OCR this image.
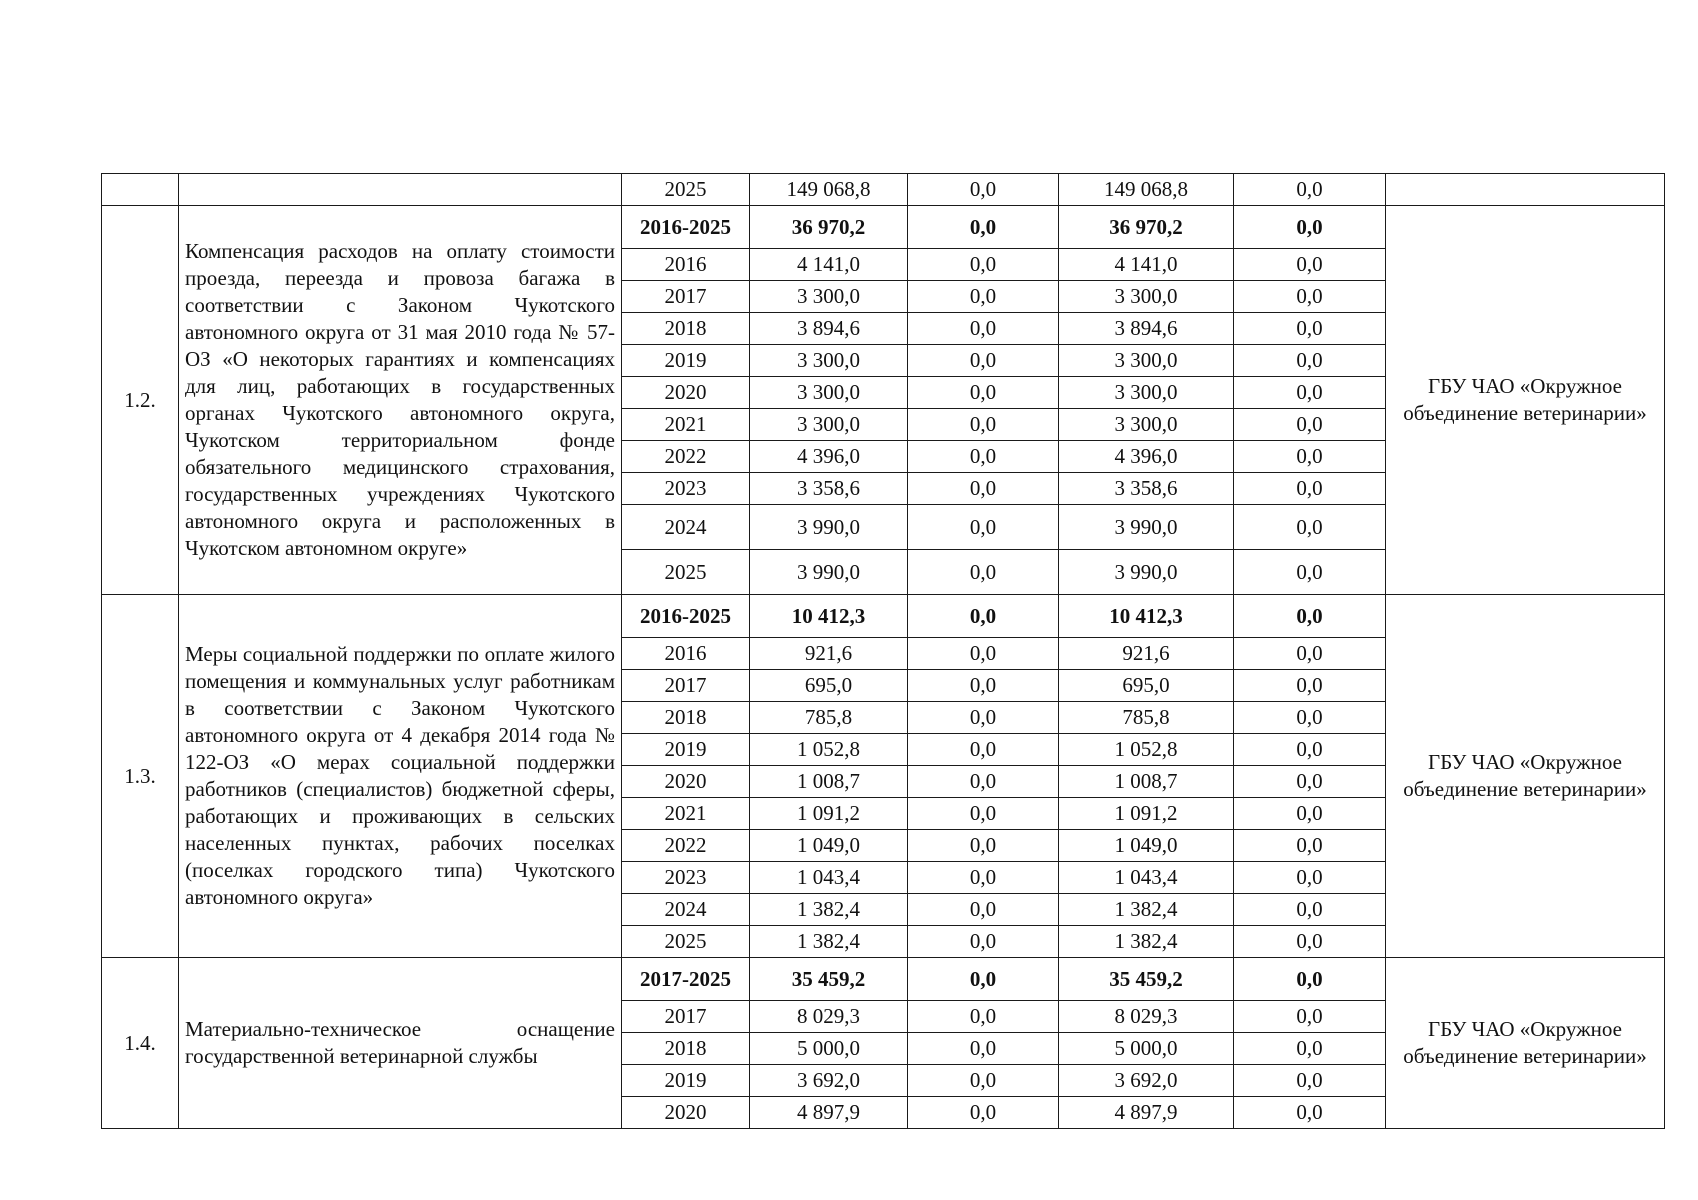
		2025	149 068,8	0,0	149 068,8	0,0	
1.2.	Компенсация расходов на оплату стоимости проезда, переезда и провоза багажа в соответствии с Законом Чукотского автономного округа от 31 мая 2010 года № 57-ОЗ «О некоторых гарантиях и компенсациях для лиц, работающих в государственных органах Чукотского автономного округа, Чукотском территориальном фонде обязательного медицинского страхования, государственных учреждениях Чукотского автономного округа и расположенных в Чукотском автономном округе»	2016-2025	36 970,2	0,0	36 970,2	0,0	ГБУ ЧАО «Окружное объединение ветеринарии»
		2016	4 141,0	0,0	4 141,0	0,0	
		2017	3 300,0	0,0	3 300,0	0,0	
		2018	3 894,6	0,0	3 894,6	0,0	
		2019	3 300,0	0,0	3 300,0	0,0	
		2020	3 300,0	0,0	3 300,0	0,0	
		2021	3 300,0	0,0	3 300,0	0,0	
		2022	4 396,0	0,0	4 396,0	0,0	
		2023	3 358,6	0,0	3 358,6	0,0	
		2024	3 990,0	0,0	3 990,0	0,0	
		2025	3 990,0	0,0	3 990,0	0,0	
1.3.	Меры социальной поддержки по оплате жилого помещения и коммунальных услуг работникам в соответствии с Законом Чукотского автономного округа от 4 декабря 2014 года № 122-ОЗ «О мерах социальной поддержки работников (специалистов) бюджетной сферы, работающих и проживающих в сельских населенных пунктах, рабочих поселках (поселках городского типа) Чукотского автономного округа»	2016-2025	10 412,3	0,0	10 412,3	0,0	ГБУ ЧАО «Окружное объединение ветеринарии»
		2016	921,6	0,0	921,6	0,0	
		2017	695,0	0,0	695,0	0,0	
		2018	785,8	0,0	785,8	0,0	
		2019	1 052,8	0,0	1 052,8	0,0	
		2020	1 008,7	0,0	1 008,7	0,0	
		2021	1 091,2	0,0	1 091,2	0,0	
		2022	1 049,0	0,0	1 049,0	0,0	
		2023	1 043,4	0,0	1 043,4	0,0	
		2024	1 382,4	0,0	1 382,4	0,0	
		2025	1 382,4	0,0	1 382,4	0,0	
1.4.	Материально-техническое оснащение государственной ветеринарной службы	2017-2025	35 459,2	0,0	35 459,2	0,0	ГБУ ЧАО «Окружное объединение ветеринарии»
		2017	8 029,3	0,0	8 029,3	0,0	
		2018	5 000,0	0,0	5 000,0	0,0	
		2019	3 692,0	0,0	3 692,0	0,0	
		2020	4 897,9	0,0	4 897,9	0,0	
